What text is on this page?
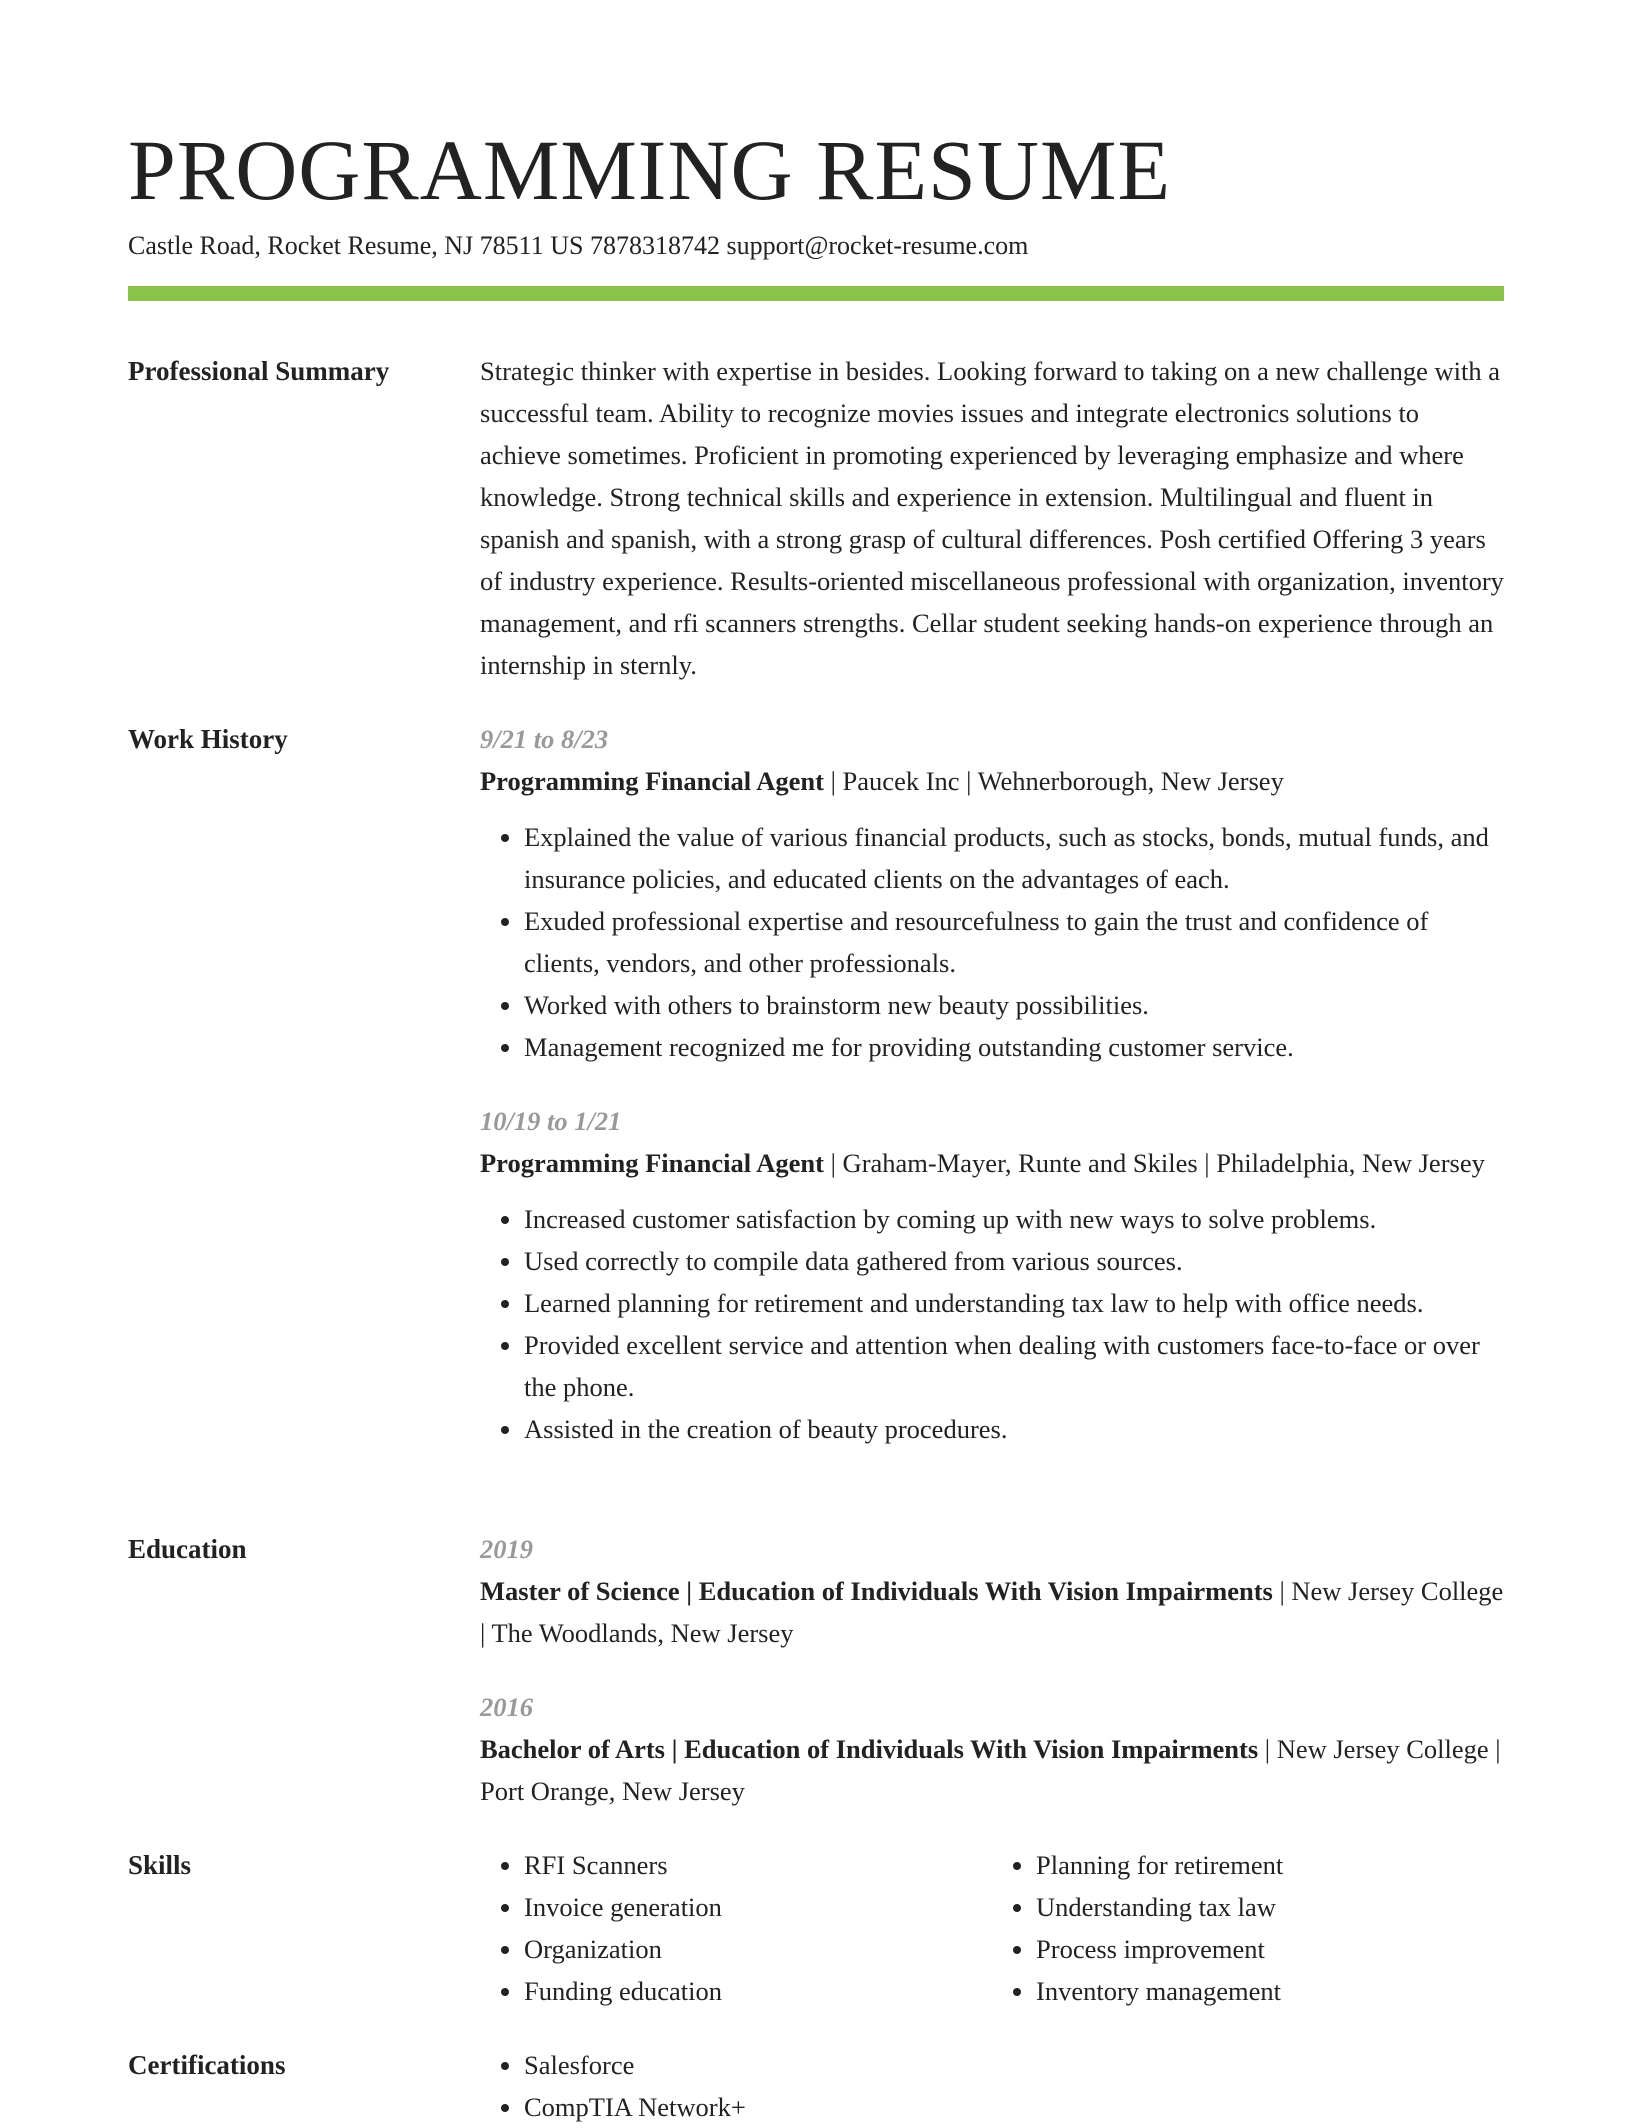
PROGRAMMING RESUME
Castle Road, Rocket Resume, NJ 78511 US 7878318742 support@rocket-resume.com
Professional Summary	Strategic thinker with expertise in besides. Looking forward to taking on a new challenge with a successful team. Ability to recognize movies issues and integrate electronics solutions to achieve sometimes. Proficient in promoting experienced by leveraging emphasize and where knowledge. Strong technical skills and experience in extension. Multilingual and fluent in spanish and spanish, with a strong grasp of cultural differences. Posh certified Offering 3 years of industry experience. Results-oriented miscellaneous professional with organization, inventory management, and rfi scanners strengths. Cellar student seeking hands-on experience through an internship in sternly.
Work History	9/21 to 8/23
Programming Financial Agent | Paucek Inc | Wehnerborough, New Jersey
• Explained the value of various financial products, such as stocks, bonds, mutual funds, and insurance policies, and educated clients on the advantages of each.
• Exuded professional expertise and resourcefulness to gain the trust and confidence of clients, vendors, and other professionals.
• Worked with others to brainstorm new beauty possibilities.
• Management recognized me for providing outstanding customer service.
10/19 to 1/21
Programming Financial Agent | Graham-Mayer, Runte and Skiles | Philadelphia, New Jersey
• Increased customer satisfaction by coming up with new ways to solve problems.
• Used correctly to compile data gathered from various sources.
• Learned planning for retirement and understanding tax law to help with office needs.
• Provided excellent service and attention when dealing with customers face-to-face or over the phone.
• Assisted in the creation of beauty procedures.
Education	2019
Master of Science | Education of Individuals With Vision Impairments | New Jersey College | The Woodlands, New Jersey
2016
Bachelor of Arts | Education of Individuals With Vision Impairments | New Jersey College | Port Orange, New Jersey
Skills	• RFI Scanners
• Invoice generation
• Organization
• Funding education
• Planning for retirement
• Understanding tax law
• Process improvement
• Inventory management
Certifications	• Salesforce
• CompTIA Network+
